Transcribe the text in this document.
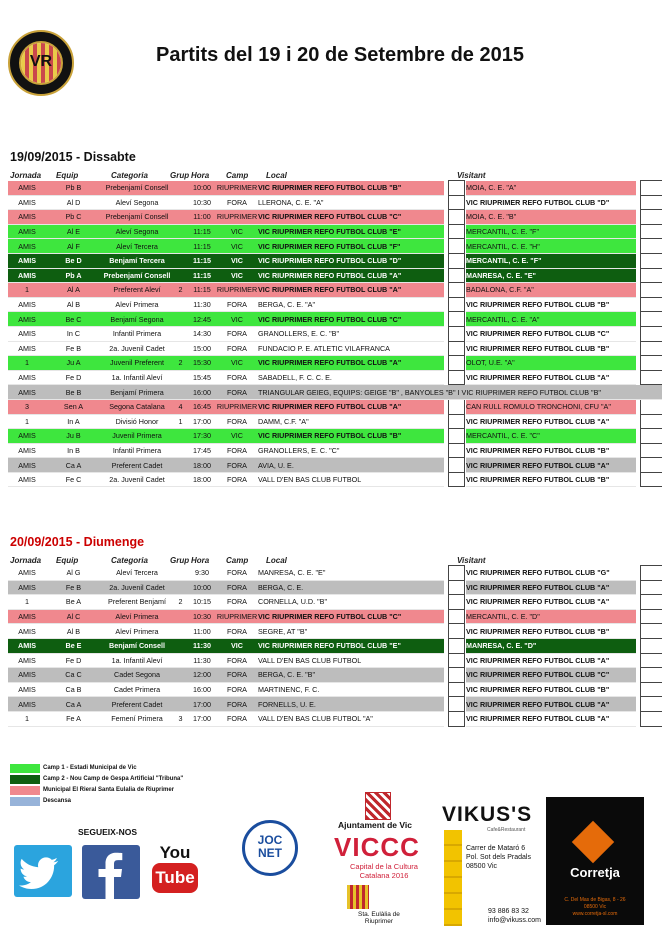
VR	Partits del 19 i 20 de Setembre de 2015
19/09/2015 - Dissabte
20/09/2015 - Diumenge
Jornada Equip	Categoria	Grup Hora Camp Local	Visitant
Jornada Equip	Categoria	Grup Hora Camp Local	Visitant
AMIS	Pb B	Prebenjamí Consell		10:00	RIUPRIMER	VIC RIUPRIMER REFO FUTBOL CLUB "B"				MOIA, C. E. "A"			
AMIS	Al D	Aleví Segona		10:30	FORA	LLERONA, C. E. "A"				VIC RIUPRIMER REFO FUTBOL CLUB "D"			
AMIS	Pb C	Prebenjamí Consell		11:00	RIUPRIMER	VIC RIUPRIMER REFO FUTBOL CLUB "C"				MOIA, C. E. "B"			
AMIS	Al E	Aleví Segona		11:15	VIC	VIC RIUPRIMER REFO FUTBOL CLUB "E"				MERCANTIL, C. E. "F"			
AMIS	Al F	Aleví Tercera		11:15	VIC	VIC RIUPRIMER REFO FUTBOL CLUB "F"				MERCANTIL, C. E. "H"			
AMIS	Be D	Benjamí Tercera		11:15	VIC	VIC RIUPRIMER REFO FUTBOL CLUB "D"				MERCANTIL, C. E. "F"			
AMIS	Pb A	Prebenjamí Consell		11:15	VIC	VIC RIUPRIMER REFO FUTBOL CLUB "A"				MANRESA, C. E. "E"			
1	Al A	Preferent Aleví	2	11:15	RIUPRIMER	VIC RIUPRIMER REFO FUTBOL CLUB "A"				BADALONA, C.F. "A"			
AMIS	Al B	Aleví Primera		11:30	FORA	BERGA, C. E. "A"				VIC RIUPRIMER REFO FUTBOL CLUB "B"			
AMIS	Be C	Benjamí Segona		12:45	VIC	VIC RIUPRIMER REFO FUTBOL CLUB "C"				MERCANTIL, C. E. "A"			
AMIS	In C	Infantil Primera		14:30	FORA	GRANOLLERS, E. C. "B"				VIC RIUPRIMER REFO FUTBOL CLUB "C"			
AMIS	Fe B	2a. Juvenil Cadet		15:00	FORA	FUNDACIO P. E. ATLETIC VILAFRANCA				VIC RIUPRIMER REFO FUTBOL CLUB "B"			
1	Ju A	Juvenil Preferent	2	15:30	VIC	VIC RIUPRIMER REFO FUTBOL CLUB "A"				OLOT, U.E. "A"			
AMIS	Fe D	1a. Infantil Aleví		15:45	FORA	SABADELL, F. C. C. E.				VIC RIUPRIMER REFO FUTBOL CLUB "A"			
AMIS	Be B	Benjamí Primera		16:00	FORA	TRIANGULAR GEIEG, EQUIPS: GEIGE "B" , BANYOLES "B" I VIC RIUPRIMER REFO FUTBOL CLUB "B"							
3	Sen A	Segona Catalana	4	16:45	RIUPRIMER	VIC RIUPRIMER REFO FUTBOL CLUB "A"				CAN RULL ROMULO TRONCHONI, CFU "A"			
1	In A	Divisió Honor	1	17:00	FORA	DAMM, C.F. "A"				VIC RIUPRIMER REFO FUTBOL CLUB "A"			
AMIS	Ju B	Juvenil Primera		17:30	VIC	VIC RIUPRIMER REFO FUTBOL CLUB "B"				MERCANTIL, C. E. "C"			
AMIS	In B	Infantil Primera		17:45	FORA	GRANOLLERS, E. C. "C"				VIC RIUPRIMER REFO FUTBOL CLUB "B"			
AMIS	Ca A	Preferent Cadet		18:00	FORA	AVIA, U. E.				VIC RIUPRIMER REFO FUTBOL CLUB "A"			
AMIS	Fe C	2a. Juvenil Cadet		18:00	FORA	VALL D'EN BAS CLUB FUTBOL				VIC RIUPRIMER REFO FUTBOL CLUB "B"			
AMIS	Al G	Aleví Tercera		9:30	FORA	MANRESA, C. E. "E"				VIC RIUPRIMER REFO FUTBOL CLUB "G"		
AMIS	Fe B	2a. Juvenil Cadet		10:00	FORA	BERGA, C. E.				VIC RIUPRIMER REFO FUTBOL CLUB "A"		
1	Be A	Preferent Benjamí	2	10:15	FORA	CORNELLA, U.D. "B"				VIC RIUPRIMER REFO FUTBOL CLUB "A"		
AMIS	Al C	Aleví Primera		10:30	RIUPRIMER	VIC RIUPRIMER REFO FUTBOL CLUB "C"				MERCANTIL, C. E. "D"		
AMIS	Al B	Aleví Primera		11:00	FORA	SEGRE, AT "B"				VIC RIUPRIMER REFO FUTBOL CLUB "B"		
AMIS	Be E	Benjamí Consell		11:30	VIC	VIC RIUPRIMER REFO FUTBOL CLUB "E"				MANRESA, C. E. "D"		
AMIS	Fe D	1a. Infantil Aleví		11:30	FORA	VALL D'EN BAS CLUB FUTBOL				VIC RIUPRIMER REFO FUTBOL CLUB "A"		
AMIS	Ca C	Cadet Segona		12:00	FORA	BERGA, C. E. "B"				VIC RIUPRIMER REFO FUTBOL CLUB "C"		
AMIS	Ca B	Cadet Primera		16:00	FORA	MARTINENC, F. C.				VIC RIUPRIMER REFO FUTBOL CLUB "B"		
AMIS	Ca A	Preferent Cadet		17:00	FORA	FORNELLS, U. E.				VIC RIUPRIMER REFO FUTBOL CLUB "A"		
1	Fe A	Femení Primera	3	17:00	FORA	VALL D'EN BAS CLUB FUTBOL "A"				VIC RIUPRIMER REFO FUTBOL CLUB "A"		
Camp 1 - Estadi Municipal de Vic
Camp 2 - Nou Camp de Gespa Artificial "Tribuna"
Municipal El Rieral Santa Eulalia de Riuprimer
Descansa
SEGUEIX-NOS
You
Tube
JOC
NET
Ajuntament de Vic
VICCC
Capital de la Cultura
Catalana 2016
Sta. Eulàlia de
Riuprimer
VIKUS'S
Cafe&Restaurant
Carrer de Mataró 6
Pol. Sot dels Pradals
08500 Vic
93 886 83 32
info@vikuss.com
Corretja
C. Del Mas de Bigas, 8 - 26
08500 Vic
www.corretja-sl.com
